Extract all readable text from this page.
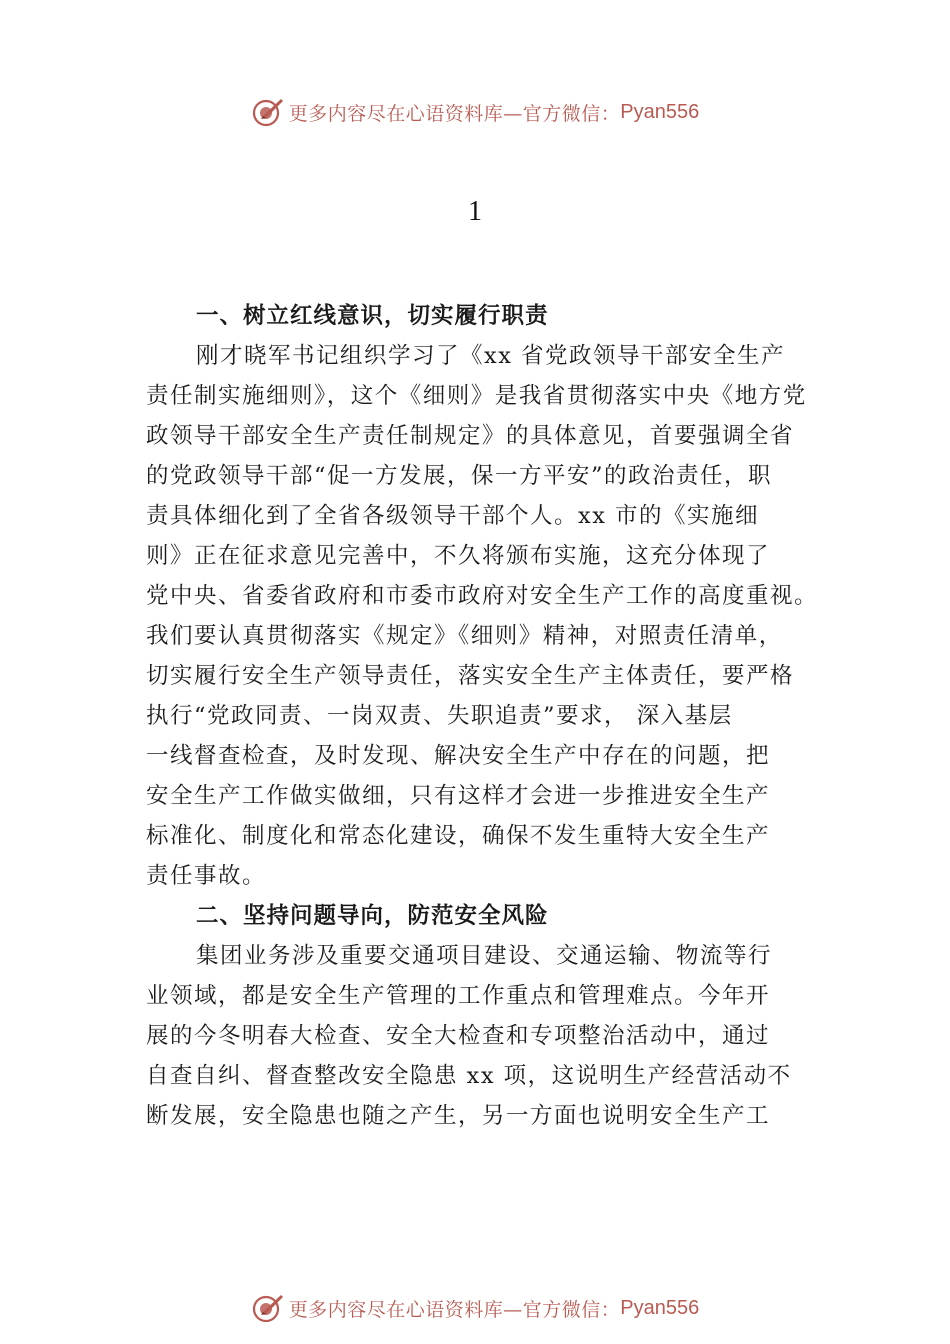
更多内容尽在心语资料库—官方微信： Pyan556
1
一、树立红线意识，切实履行职责
刚才晓军书记组织学习了《xx 省党政领导干部安全生产
责任制实施细则》，这个《细则》是我省贯彻落实中央《地方党
政领导干部安全生产责任制规定》的具体意见，首要强调全省
的党政领导干部“促一方发展，保一方平安”的政治责任，职
责具体细化到了全省各级领导干部个人。xx 市的《实施细
则》正在征求意见完善中，不久将颁布实施，这充分体现了
党中央、省委省政府和市委市政府对安全生产工作的高度重视。
我们要认真贯彻落实《规定》《细则》精神，对照责任清单，
切实履行安全生产领导责任，落实安全生产主体责任，要严格
执行“党政同责、一岗双责、失职追责”要求， 深入基层
一线督查检查，及时发现、解决安全生产中存在的问题，把
安全生产工作做实做细，只有这样才会进一步推进安全生产
标准化、制度化和常态化建设，确保不发生重特大安全生产
责任事故。
二、坚持问题导向，防范安全风险
集团业务涉及重要交通项目建设、交通运输、物流等行
业领域，都是安全生产管理的工作重点和管理难点。今年开
展的今冬明春大检查、安全大检查和专项整治活动中，通过
自查自纠、督查整改安全隐患 xx 项，这说明生产经营活动不
断发展，安全隐患也随之产生，另一方面也说明安全生产工
更多内容尽在心语资料库—官方微信： Pyan556
